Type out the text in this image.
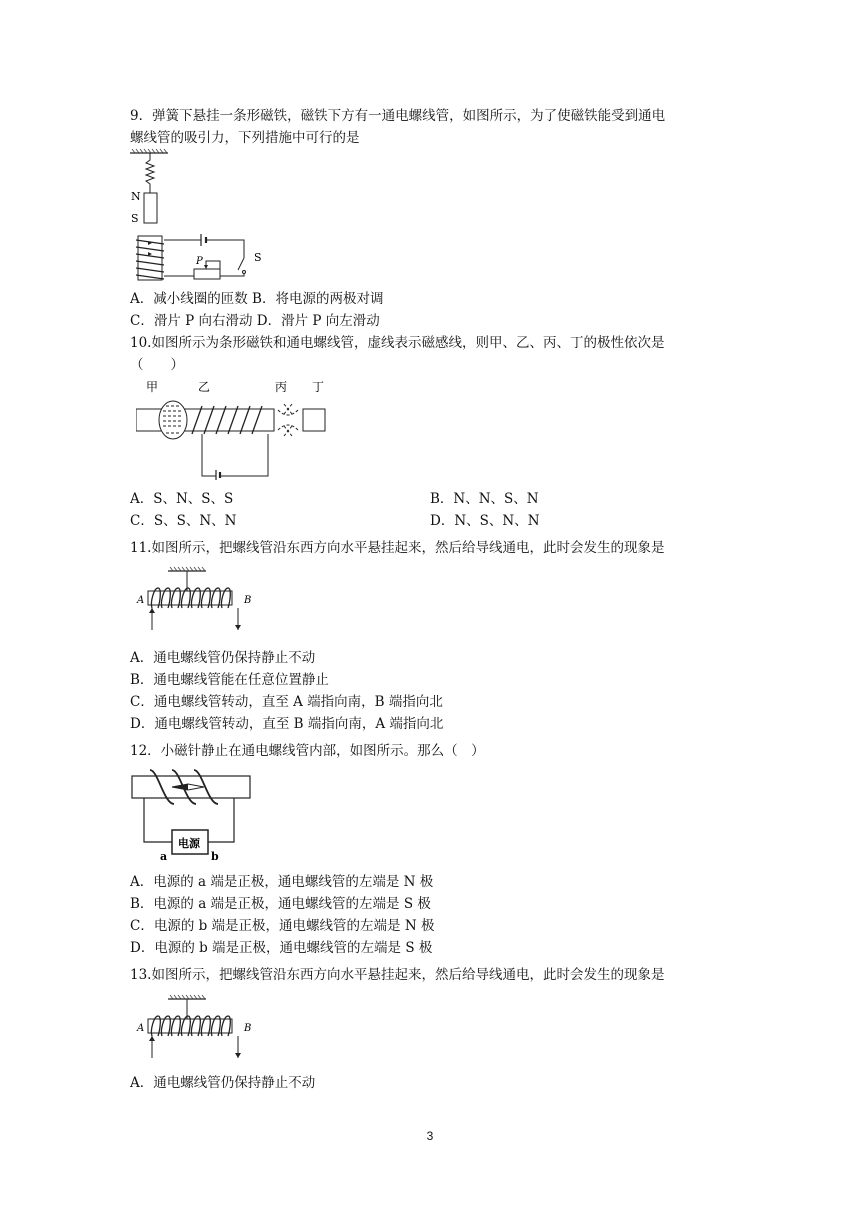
9．弹簧下悬挂一条形磁铁，磁铁下方有一通电螺线管，如图所示，为了使磁铁能受到通电
螺线管的吸引力，下列措施中可行的是
N
S
S
P
A．减小线圈的匝数 B．将电源的两极对调
C．滑片 P 向右滑动 D．滑片 P 向左滑动
10.如图所示为条形磁铁和通电螺线管，虚线表示磁感线，则甲、乙、丙、丁的极性依次是
（　　）
甲	乙	丙 丁
A．S、N、S、S	B．N、N、S、N
C．S、S、N、N	D．N、S、N、N
11.如图所示，把螺线管沿东西方向水平悬挂起来，然后给导线通电，此时会发生的现象是
A	B
A．通电螺线管仍保持静止不动
B．通电螺线管能在任意位置静止
C．通电螺线管转动，直至 A 端指向南，B 端指向北
D．通电螺线管转动，直至 B 端指向南，A 端指向北
12．小磁针静止在通电螺线管内部，如图所示。那么（　）
电源
a	b
A．电源的 a 端是正极，通电螺线管的左端是 N 极
B．电源的 a 端是正极，通电螺线管的左端是 S 极
C．电源的 b 端是正极，通电螺线管的左端是 N 极
D．电源的 b 端是正极，通电螺线管的左端是 S 极
13.如图所示，把螺线管沿东西方向水平悬挂起来，然后给导线通电，此时会发生的现象是
A	B
A．通电螺线管仍保持静止不动
3
